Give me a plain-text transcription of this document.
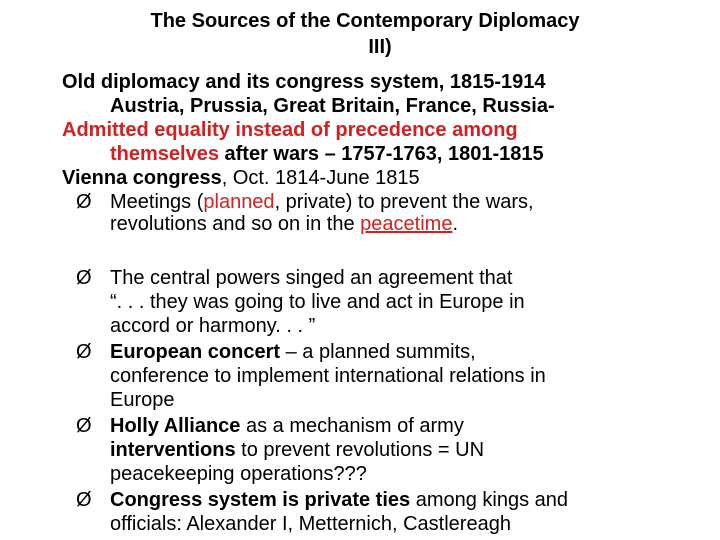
The Sources of the Contemporary Diplomacy
III)
Old diplomacy and its congress system, 1815-1914
Austria, Prussia, Great Britain, France, Russia-
Admitted equality instead of precedence among
themselves after wars – 1757-1763, 1801-1815
Vienna congress, Oct. 1814-June 1815
Ø Meetings (planned, private) to prevent the wars,
revolutions and so on in the peacetime.
Ø The central powers singed an agreement that
“. . . they was going to live and act in Europe in
accord or harmony. . . ”
Ø European concert – a planned summits,
conference to implement international relations in
Europe
Ø Holly Alliance as a mechanism of army
interventions to prevent revolutions = UN
peacekeeping operations???
Ø Congress system is private ties among kings and
officials: Alexander I, Metternich, Castlereagh
